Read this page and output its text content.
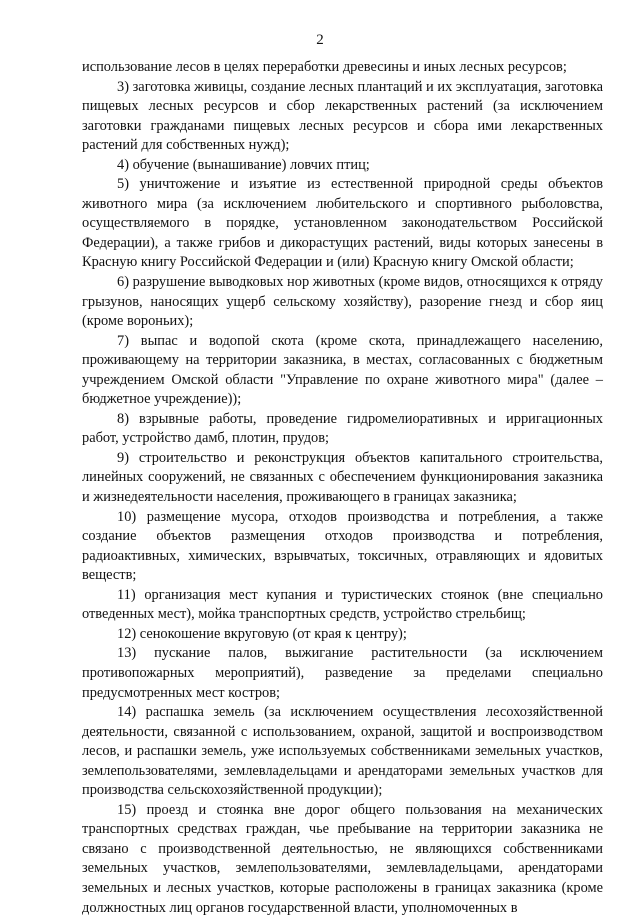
2

использование лесов в целях переработки древесины и иных лесных ресурсов;

3) заготовка живицы, создание лесных плантаций и их эксплуатация, заготовка пищевых лесных ресурсов и сбор лекарственных растений (за исключением заготовки гражданами пищевых лесных ресурсов и сбора ими лекарственных растений для собственных нужд);

4) обучение (вынашивание) ловчих птиц;

5) уничтожение и изъятие из естественной природной среды объектов животного мира (за исключением любительского и спортивного рыболовства, осуществляемого в порядке, установленном законодательством Российской Федерации), а также грибов и дикорастущих растений, виды которых занесены в Красную книгу Российской Федерации и (или) Красную книгу Омской области;

6) разрушение выводковых нор животных (кроме видов, относящихся к отряду грызунов, наносящих ущерб сельскому хозяйству), разорение гнезд и сбор яиц (кроме вороньих);

7) выпас и водопой скота (кроме скота, принадлежащего населению, проживающему на территории заказника, в местах, согласованных с бюджетным учреждением Омской области "Управление по охране животного мира" (далее – бюджетное учреждение));

8) взрывные работы, проведение гидромелиоративных и ирригационных работ, устройство дамб, плотин, прудов;

9) строительство и реконструкция объектов капитального строительства, линейных сооружений, не связанных с обеспечением функционирования заказника и жизнедеятельности населения, проживающего в границах заказника;

10) размещение мусора, отходов производства и потребления, а также создание объектов размещения отходов производства и потребления, радиоактивных, химических, взрывчатых, токсичных, отравляющих и ядовитых веществ;

11) организация мест купания и туристических стоянок (вне специально отведенных мест), мойка транспортных средств, устройство стрельбищ;

12) сенокошение вкруговую (от края к центру);

13) пускание палов, выжигание растительности (за исключением противопожарных мероприятий), разведение за пределами специально предусмотренных мест костров;

14) распашка земель (за исключением осуществления лесохозяйственной деятельности, связанной с использованием, охраной, защитой и воспроизводством лесов, и распашки земель, уже используемых собственниками земельных участков, землепользователями, землевладельцами и арендаторами земельных участков для производства сельскохозяйственной продукции);

15) проезд и стоянка вне дорог общего пользования на механических транспортных средствах граждан, чье пребывание на территории заказника не связано с производственной деятельностью, не являющихся собственниками земельных участков, землепользователями, землевладельцами, арендаторами земельных и лесных участков, которые расположены в границах заказника (кроме должностных лиц органов государственной власти, уполномоченных в
